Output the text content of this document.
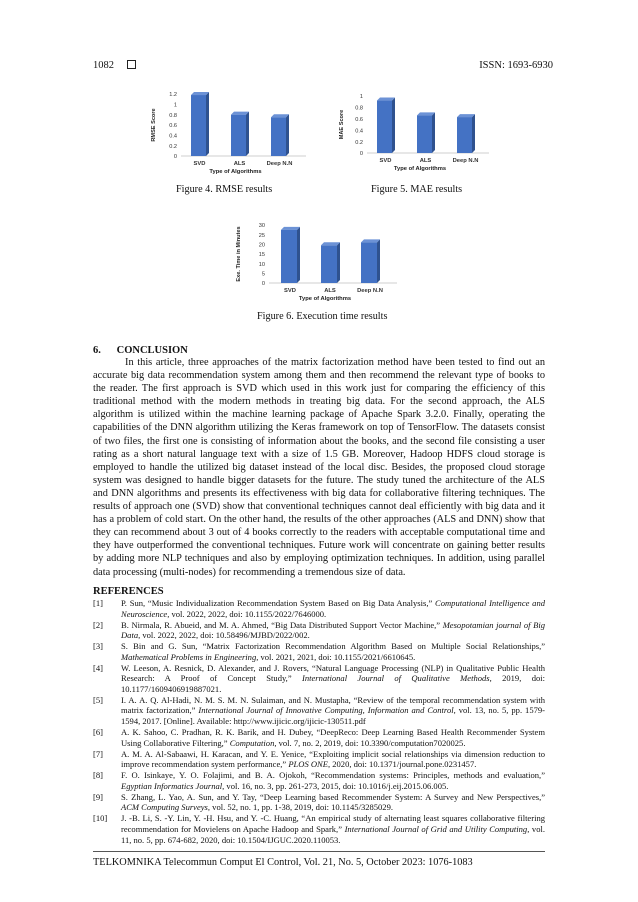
1082	ISSN: 1693-6930
0
0.2
0.4
0.6
0.8
1
1.2
SVD	ALS	Deep N.N
Type of Algorithms
RMSE Score
Figure 4. RMSE results
0
0.2
0.4
0.6
0.8
1
SVD	ALS	Deep N.N
Type of Algorithms
MAE Score
Figure 5. MAE results
0
5
10
15
20
25
30
SVD	ALS	Deep N.N
Type of Algorithms
Exe. Time in Minutes
Figure 6. Execution time results
6.      CONCLUSION

In this article, three approaches of the matrix factorization method have been tested to find out an accurate big data recommendation system among them and then recommend the relevant type of books to the reader. The first approach is SVD which used in this work just for comparing the efficiency of this traditional method with the modern methods in treating big data. For the second approach, the ALS algorithm is utilized within the machine learning package of Apache Spark 3.2.0. Finally, operating the capabilities of the DNN algorithm utilizing the Keras framework on top of TensorFlow. The datasets consist of two files, the first one is consisting of information about the books, and the second file consisting a user rating as a short natural language text with a size of 1.5 GB. Moreover, Hadoop HDFS cloud storage is employed to handle the utilized big dataset instead of the local disc. Besides, the proposed cloud storage system was designed to handle bigger datasets for the future. The study tuned the architecture of the ALS and DNN algorithms and presents its effectiveness with big data for collaborative filtering techniques. The results of approach one (SVD) show that conventional techniques cannot deal efficiently with big data and it has a problem of cold start. On the other hand, the results of the other approaches (ALS and DNN) show that they can recommend about 3 out of 4 books correctly to the readers with acceptable computational time and they have outperformed the conventional techniques. Future work will concentrate on gaining better results by adding more NLP techniques and also by employing optimization techniques. In addition, using parallel data processing (multi-nodes) for recommending a tremendous size of data.

REFERENCES
[1] P. Sun, “Music Individualization Recommendation System Based on Big Data Analysis,” Computational Intelligence and Neuroscience, vol. 2022, 2022, doi: 10.1155/2022/7646000.
[2] B. Nirmala, R. Abueid, and M. A. Ahmed, “Big Data Distributed Support Vector Machine,” Mesopotamian journal of Big Data, vol. 2022, 2022, doi: 10.58496/MJBD/2022/002.
[3] S. Bin and G. Sun, “Matrix Factorization Recommendation Algorithm Based on Multiple Social Relationships,” Mathematical Problems in Engineering, vol. 2021, 2021, doi: 10.1155/2021/6610645.
[4] W. Leeson, A. Resnick, D. Alexander, and J. Rovers, “Natural Language Processing (NLP) in Qualitative Public Health Research: A Proof of Concept Study,” International Journal of Qualitative Methods, 2019, doi: 10.1177/1609406919887021.
[5] I. A. A. Q. Al-Hadi, N. M. S. M. N. Sulaiman, and N. Mustapha, “Review of the temporal recommendation system with matrix factorization,” International Journal of Innovative Computing, Information and Control, vol. 13, no. 5, pp. 1579-1594, 2017. [Online]. Available: http://www.ijicic.org/ijicic-130511.pdf
[6] A. K. Sahoo, C. Pradhan, R. K. Barik, and H. Dubey, “DeepReco: Deep Learning Based Health Recommender System Using Collaborative Filtering,” Computation, vol. 7, no. 2, 2019, doi: 10.3390/computation7020025.
[7] A. M. A. Al-Sabaawi, H. Karacan, and Y. E. Yenice, “Exploiting implicit social relationships via dimension reduction to improve recommendation system performance,” PLOS ONE, 2020, doi: 10.1371/journal.pone.0231457.
[8] F. O. Isinkaye, Y. O. Folajimi, and B. A. Ojokoh, “Recommendation systems: Principles, methods and evaluation,” Egyptian Informatics Journal, vol. 16, no. 3, pp. 261-273, 2015, doi: 10.1016/j.eij.2015.06.005.
[9] S. Zhang, L. Yao, A. Sun, and Y. Tay, “Deep Learning based Recommender System: A Survey and New Perspectives,” ACM Computing Surveys, vol. 52, no. 1, pp. 1-38, 2019, doi: 10.1145/3285029.
[10] J. -B. Li, S. -Y. Lin, Y. -H. Hsu, and Y. -C. Huang, “An empirical study of alternating least squares collaborative filtering recommendation for Movielens on Apache Hadoop and Spark,” International Journal of Grid and Utility Computing, vol. 11, no. 5, pp. 674-682, 2020, doi: 10.1504/IJGUC.2020.110053.
TELKOMNIKA Telecommun Comput El Control, Vol. 21, No. 5, October 2023: 1076-1083
